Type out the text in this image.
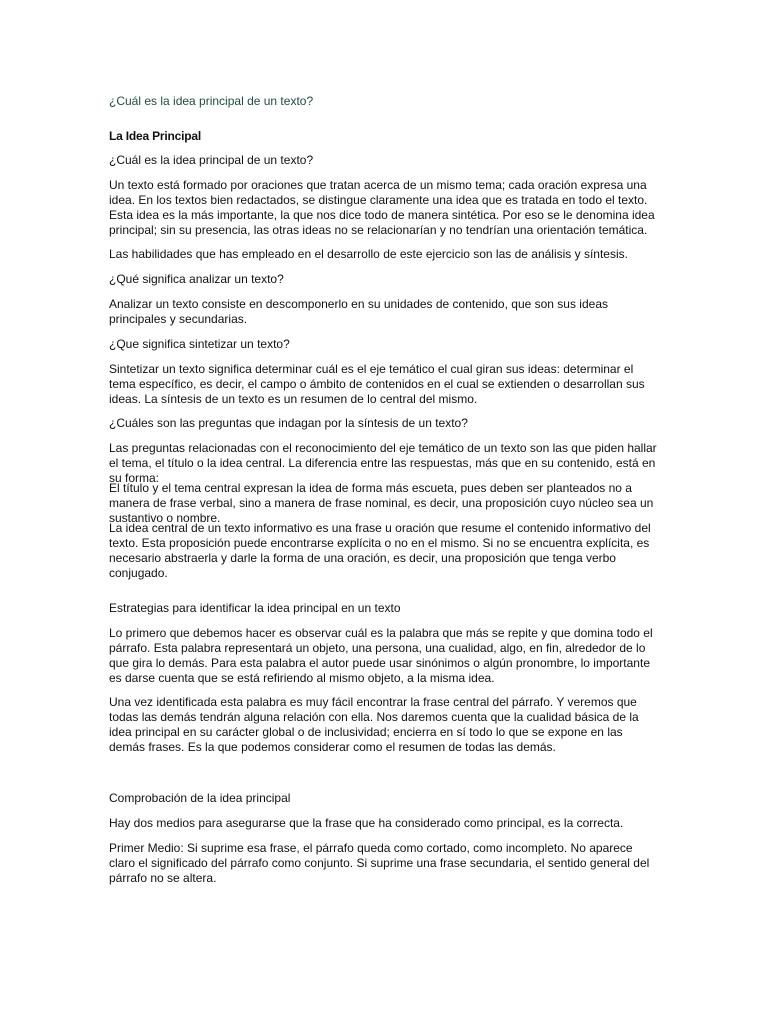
¿Cuál es la idea principal de un texto?

La Idea Principal

¿Cuál es la idea principal de un texto?

Un texto está formado por oraciones que tratan acerca de un mismo tema; cada oración expresa una idea. En los textos bien redactados, se distingue claramente una idea que es tratada en todo el texto. Esta idea es la más importante, la que nos dice todo de manera sintética. Por eso se le denomina idea principal; sin su presencia, las otras ideas no se relacionarían y no tendrían una orientación temática.

Las habilidades que has empleado en el desarrollo de este ejercicio son las de análisis y síntesis.

¿Qué significa analizar un texto?

Analizar un texto consiste en descomponerlo en su unidades de contenido, que son sus ideas principales y secundarias.

¿Que significa sintetizar un texto?

Sintetizar un texto significa determinar cuál es el eje temático el cual giran sus ideas: determinar el tema específico, es decir, el campo o ámbito de contenidos en el cual se extienden o desarrollan sus ideas. La síntesis de un texto es un resumen de lo central del mismo.

¿Cuáles son las preguntas que indagan por la síntesis de un texto?

Las preguntas relacionadas con el reconocimiento del eje temático de un texto son las que piden hallar el tema, el título o la idea central. La diferencia entre las respuestas, más que en su contenido, está en su forma:

El título y el tema central expresan la idea de forma más escueta, pues deben ser planteados no a manera de frase verbal, sino a manera de frase nominal, es decir, una proposición cuyo núcleo sea un sustantivo o nombre.

La idea central de un texto informativo es una frase u oración que resume el contenido informativo del texto. Esta proposición puede encontrarse explícita o no en el mismo. Si no se encuentra explícita, es necesario abstraerla y darle la forma de una oración, es decir, una proposición que tenga verbo conjugado.

Estrategias para identificar la idea principal en un texto

Lo primero que debemos hacer es observar cuál es la palabra que más se repite y que domina todo el párrafo. Esta palabra representará un objeto, una persona, una cualidad, algo, en fin, alrededor de lo que gira lo demás. Para esta palabra el autor puede usar sinónimos o algún pronombre, lo importante es darse cuenta que se está refiriendo al mismo objeto, a la misma idea.

Una vez identificada esta palabra es muy fácil encontrar la frase central del párrafo. Y veremos que todas las demás tendrán alguna relación con ella. Nos daremos cuenta que la cualidad básica de la idea principal en su carácter global o de inclusividad; encierra en sí todo lo que se expone en las demás frases. Es la que podemos considerar como el resumen de todas las demás.

Comprobación de la idea principal

Hay dos medios para asegurarse que la frase que ha considerado como principal, es la correcta.

Primer Medio: Si suprime esa frase, el párrafo queda como cortado, como incompleto. No aparece claro el significado del párrafo como conjunto. Si suprime una frase secundaria, el sentido general del párrafo no se altera.
